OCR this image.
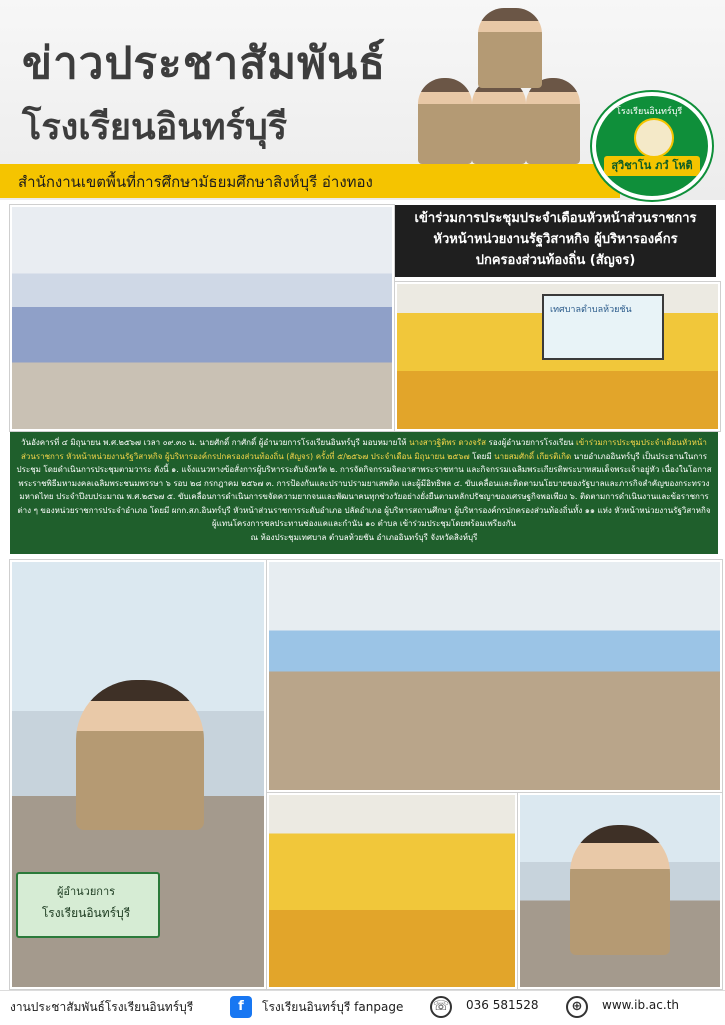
ข่าวประชาสัมพันธ์
โรงเรียนอินทร์บุรี
สำนักงานเขตพื้นที่การศึกษามัธยมศึกษาสิงห์บุรี อ่างทอง
โรงเรียนอินทร์บุรี
สุวิชาโน ภวํ โหติ
เข้าร่วมการประชุมประจำเดือนหัวหน้าส่วนราชการ
หัวหน้าหน่วยงานรัฐวิสาหกิจ ผู้บริหารองค์กร
ปกครองส่วนท้องถิ่น (สัญจร)
เทศบาลตำบลห้วยชัน
วันอังคารที่ ๔ มิถุนายน พ.ศ.๒๕๖๗ เวลา ๐๙.๓๐ น. นายศักดิ์ กาศักดิ์ ผู้อำนวยการโรงเรียนอินทร์บุรี มอบหมายให้ นางสาวฐิติพร ดวงจรัส รองผู้อำนวยการโรงเรียน เข้าร่วมการประชุมประจำเดือนหัวหน้าส่วนราชการ หัวหน้าหน่วยงานรัฐวิสาหกิจ ผู้บริหารองค์กรปกครองส่วนท้องถิ่น (สัญจร) ครั้งที่ ๕/๒๕๖๗ ประจำเดือน มิถุนายน ๒๕๖๗ โดยมี นายสมศักดิ์ เกียรติเกิด นายอำเภออินทร์บุรี เป็นประธานในการประชุม โดยดำเนินการประชุมตามวาระ ดังนี้ ๑. แจ้งแนวทางข้อสั่งการผู้บริหารระดับจังหวัด ๒. การจัดกิจกรรมจิตอาสาพระราชทาน และกิจกรรมเฉลิมพระเกียรติพระบาทสมเด็จพระเจ้าอยู่หัว เนื่องในโอกาสพระราชพิธีมหามงคลเฉลิมพระชนมพรรษา ๖ รอบ ๒๘ กรกฎาคม ๒๕๖๗ ๓. การป้องกันและปราบปรามยาเสพติด และผู้มีอิทธิพล ๔. ขับเคลื่อนและติดตามนโยบายของรัฐบาลและภารกิจสำคัญของกระทรวงมหาดไทย ประจำปีงบประมาณ พ.ศ.๒๕๖๗ ๕. ขับเคลื่อนการดำเนินการขจัดความยากจนและพัฒนาคนทุกช่วงวัยอย่างยั่งยืนตามหลักปรัชญาของเศรษฐกิจพอเพียง ๖. ติดตามการดำเนินงานและข้อราชการต่าง ๆ ของหน่วยราชการประจำอำเภอ โดยมี ผกก.สภ.อินทร์บุรี หัวหน้าส่วนราชการระดับอำเภอ ปลัดอำเภอ ผู้บริหารสถานศึกษา ผู้บริหารองค์กรปกครองส่วนท้องถิ่นทั้ง ๑๑ แห่ง หัวหน้าหน่วยงานรัฐวิสาหกิจ ผู้แทนโครงการชลประทานช่องแคและกำนัน ๑๐ ตำบล เข้าร่วมประชุมโดยพร้อมเพรียงกัน
ณ ห้องประชุมเทศบาล ตำบลห้วยชัน อำเภออินทร์บุรี จังหวัดสิงห์บุรี
ผู้อำนวยการ
โรงเรียนอินทร์บุรี
งานประชาสัมพันธ์โรงเรียนอินทร์บุรี	f	โรงเรียนอินทร์บุรี fanpage ☏ 036 581528	⊕	www.ib.ac.th
